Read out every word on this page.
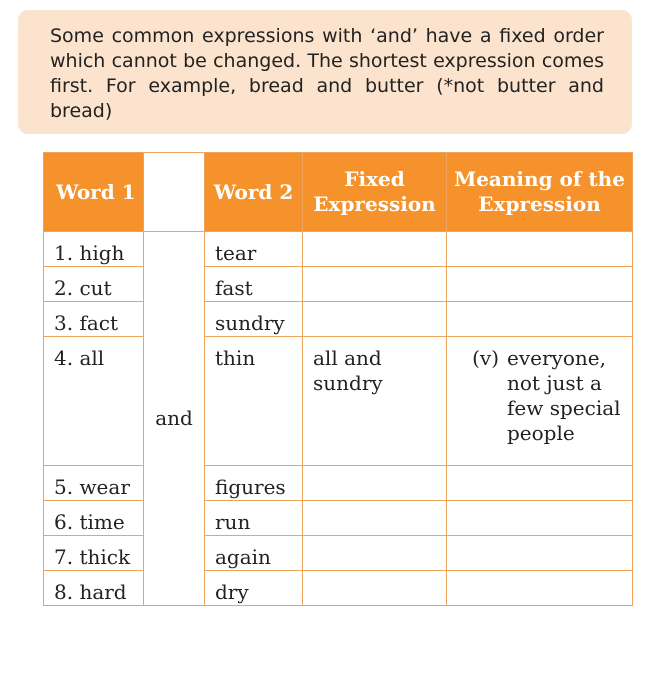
Some common expressions with ‘and’ have a fixed order which cannot be changed. The shortest expression comes first. For example, bread and butter (*not butter and bread)

Word 1		Word 2	Fixed Expression	Meaning of the Expression
1. high	and	tear		
2. cut		fast		
3. fact		sundry		
4. all		thin	all and sundry	(v) everyone, not just a few special people

5. wear		figures		
6. time		run		
7. thick		again		
8. hard		dry		
